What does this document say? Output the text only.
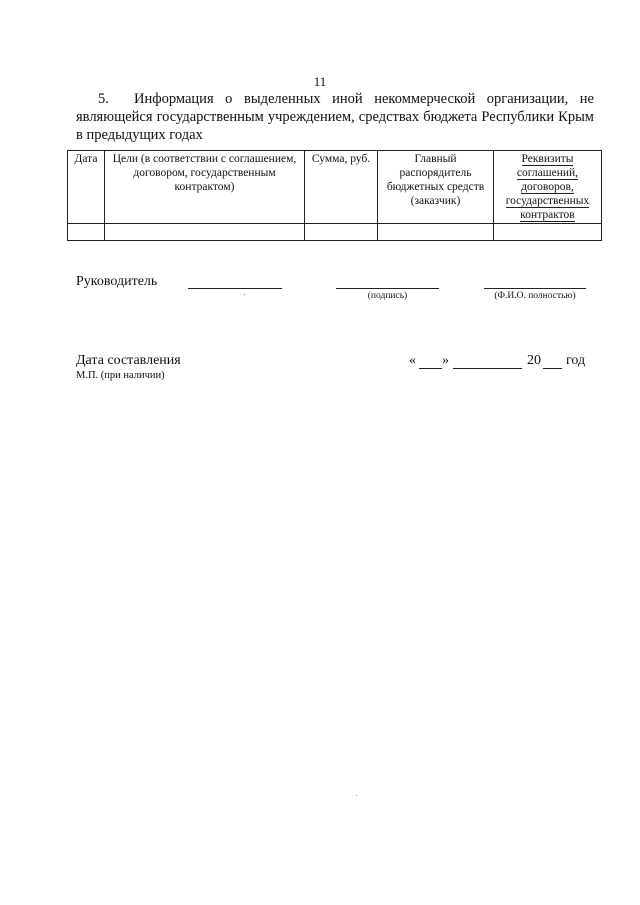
11
5. Информация о выделенных иной некоммерческой организации, не являющейся государственным учреждением, средствах бюджета Республики Крым в предыдущих годах
Дата	Цели (в соответствии с соглашением, договором, государственным контрактом)	Сумма, руб.	Главный распорядитель бюджетных средств (заказчик)	Реквизиты соглашений, договоров, государственных контрактов

Руководитель
(подпись)	(Ф.И.О. полностью)
Дата составления	« »	20 год
М.П. (при наличии)
